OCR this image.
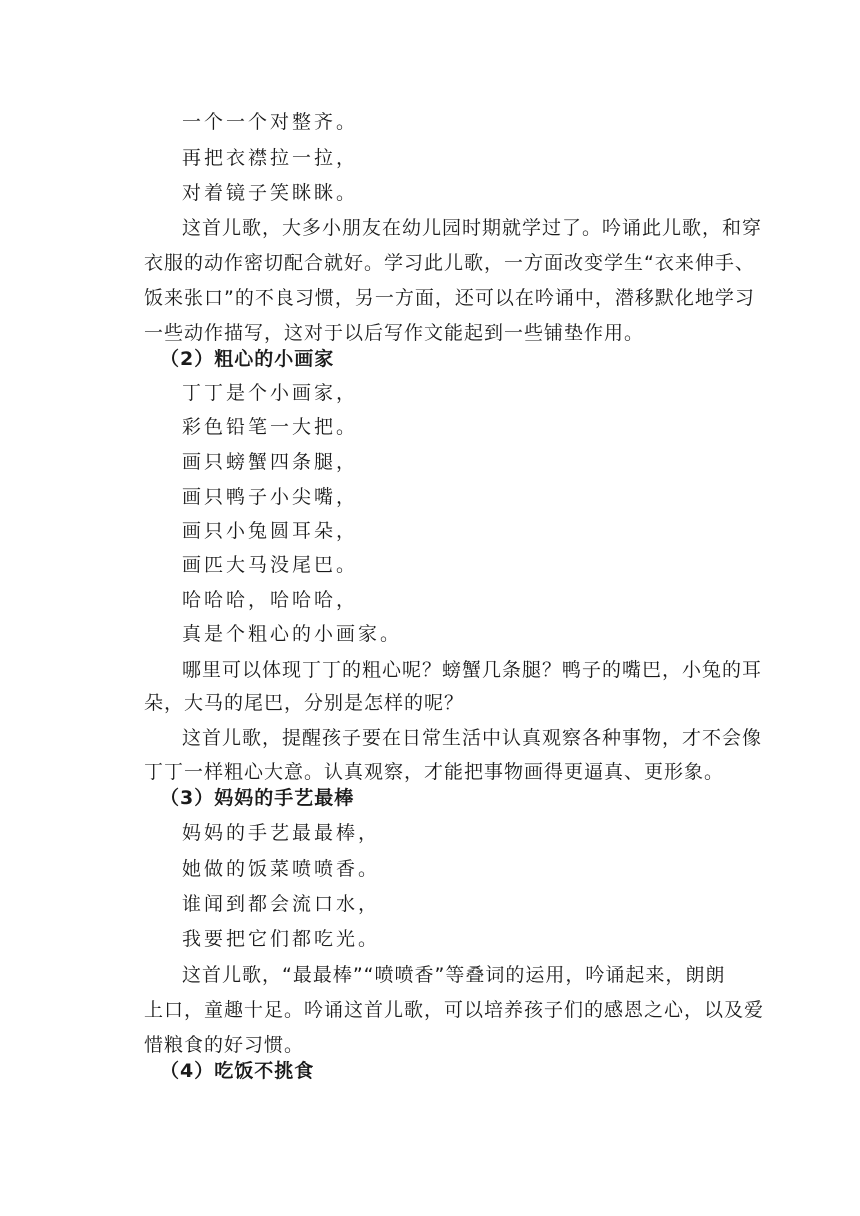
一个一个对整齐。
再把衣襟拉一拉，
对着镜子笑眯眯。
这首儿歌，大多小朋友在幼儿园时期就学过了。吟诵此儿歌，和穿
衣服的动作密切配合就好。学习此儿歌，一方面改变学生“衣来伸手、
饭来张口”的不良习惯，另一方面，还可以在吟诵中，潜移默化地学习
一些动作描写，这对于以后写作文能起到一些铺垫作用。
（2）粗心的小画家
丁丁是个小画家，
彩色铅笔一大把。
画只螃蟹四条腿，
画只鸭子小尖嘴，
画只小兔圆耳朵，
画匹大马没尾巴。
哈哈哈，哈哈哈，
真是个粗心的小画家。
哪里可以体现丁丁的粗心呢？螃蟹几条腿？鸭子的嘴巴，小兔的耳
朵，大马的尾巴，分别是怎样的呢？
这首儿歌，提醒孩子要在日常生活中认真观察各种事物，才不会像
丁丁一样粗心大意。认真观察，才能把事物画得更逼真、更形象。
（3）妈妈的手艺最棒
妈妈的手艺最最棒，
她做的饭菜喷喷香。
谁闻到都会流口水，
我要把它们都吃光。
这首儿歌，“最最棒”“喷喷香”等叠词的运用，吟诵起来，朗朗
上口，童趣十足。吟诵这首儿歌，可以培养孩子们的感恩之心，以及爱
惜粮食的好习惯。
（4）吃饭不挑食
